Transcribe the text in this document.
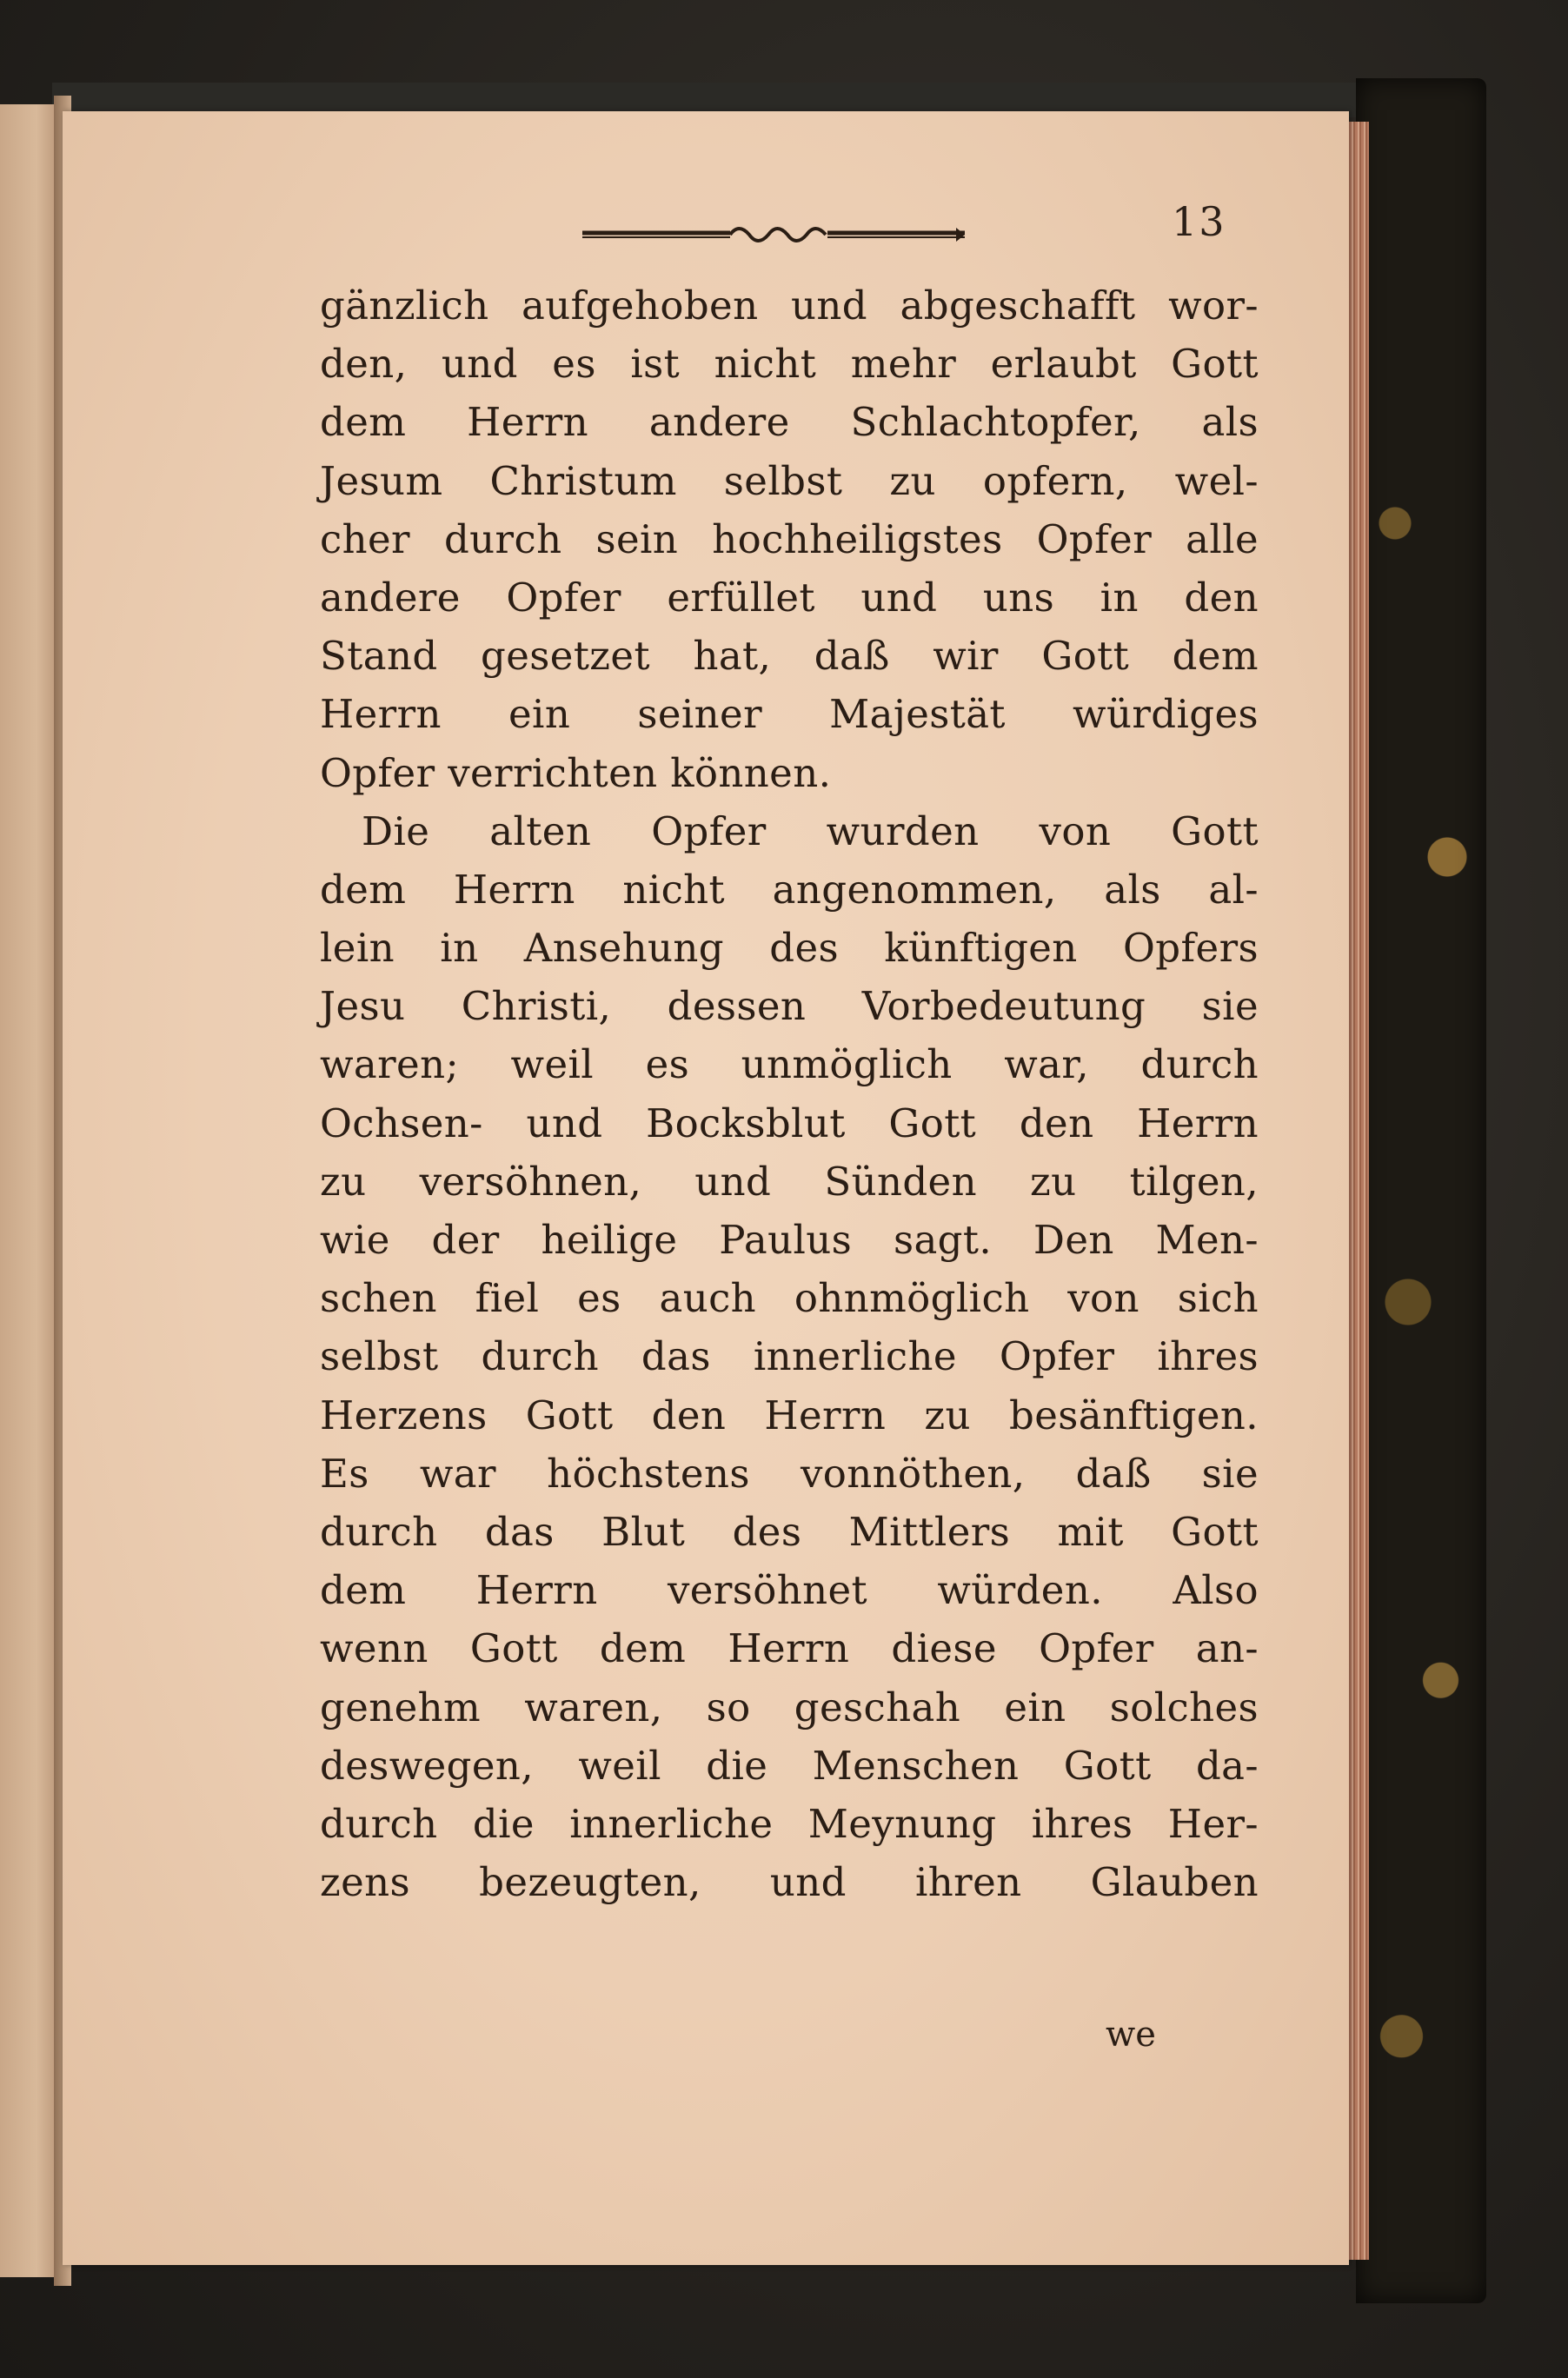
13
gänzlich aufgehoben und abgeschafft wor-
den, und es ist nicht mehr erlaubt Gott
dem Herrn andere Schlachtopfer, als
Jesum Christum selbst zu opfern, wel-
cher durch sein hochheiligstes Opfer alle
andere Opfer erfüllet und uns in den
Stand gesetzet hat, daß wir Gott dem
Herrn ein seiner Majestät würdiges
Opfer verrichten können.
Die alten Opfer wurden von Gott
dem Herrn nicht angenommen, als al-
lein in Ansehung des künftigen Opfers
Jesu Christi, dessen Vorbedeutung sie
waren; weil es unmöglich war, durch
Ochsen- und Bocksblut Gott den Herrn
zu versöhnen, und Sünden zu tilgen,
wie der heilige Paulus sagt. Den Men-
schen fiel es auch ohnmöglich von sich
selbst durch das innerliche Opfer ihres
Herzens Gott den Herrn zu besänftigen.
Es war höchstens vonnöthen, daß sie
durch das Blut des Mittlers mit Gott
dem Herrn versöhnet würden. Also
wenn Gott dem Herrn diese Opfer an-
genehm waren, so geschah ein solches
deswegen, weil die Menschen Gott da-
durch die innerliche Meynung ihres Her-
zens bezeugten, und ihren Glauben
we
